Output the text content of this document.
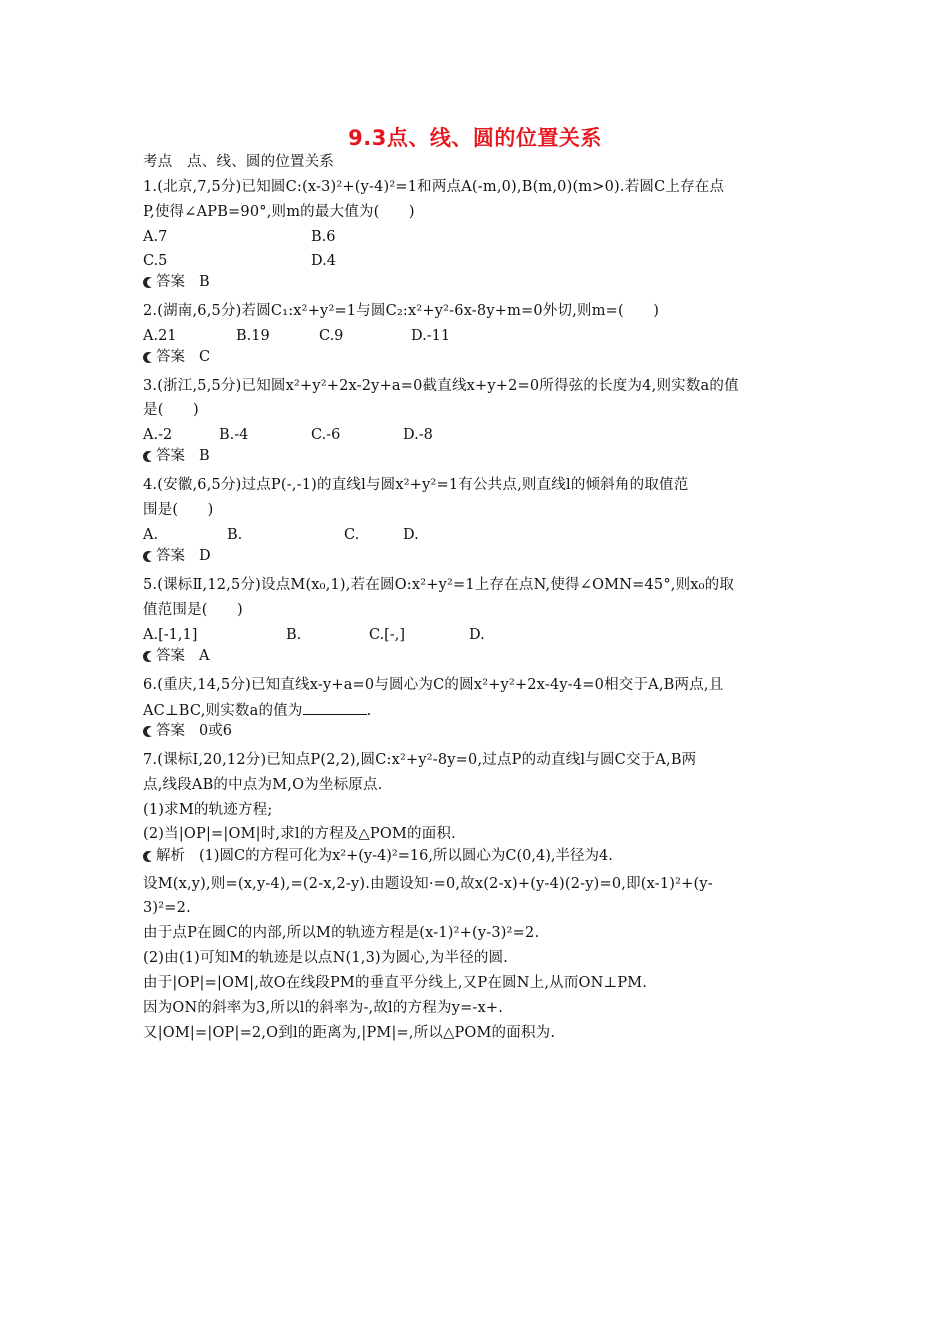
9.3点、线、圆的位置关系
考点　点、线、圆的位置关系
1.(北京,7,5分)已知圆C:(x-3)²+(y-4)²=1和两点A(-m,0),B(m,0)(m>0).若圆C上存在点
P,使得∠APB=90°,则m的最大值为(　　)
A.7	B.6
C.5	D.4
答案 B
2.(湖南,6,5分)若圆C₁:x²+y²=1与圆C₂:x²+y²-6x-8y+m=0外切,则m=(　　)
A.21	B.19	C.9	D.-11
答案 C
3.(浙江,5,5分)已知圆x²+y²+2x-2y+a=0截直线x+y+2=0所得弦的长度为4,则实数a的值
是(　　)
A.-2	B.-4	C.-6	D.-8
答案 B
4.(安徽,6,5分)过点P(-,-1)的直线l与圆x²+y²=1有公共点,则直线l的倾斜角的取值范
围是(　　)
A.	B.	C.	D.
答案 D
5.(课标Ⅱ,12,5分)设点M(x₀,1),若在圆O:x²+y²=1上存在点N,使得∠OMN=45°,则x₀的取
值范围是(　　)
A.[-1,1]	B.	C.[-,]	D.
答案 A
6.(重庆,14,5分)已知直线x-y+a=0与圆心为C的圆x²+y²+2x-4y-4=0相交于A,B两点,且
AC⊥BC,则实数a的值为	.
答案 0或6
7.(课标Ⅰ,20,12分)已知点P(2,2),圆C:x²+y²-8y=0,过点P的动直线l与圆C交于A,B两
点,线段AB的中点为M,O为坐标原点.
(1)求M的轨迹方程;
(2)当|OP|=|OM|时,求l的方程及△POM的面积.
解析 (1)圆C的方程可化为x²+(y-4)²=16,所以圆心为C(0,4),半径为4.
设M(x,y),则=(x,y-4),=(2-x,2-y).由题设知·=0,故x(2-x)+(y-4)(2-y)=0,即(x-1)²+(y-
3)²=2.
由于点P在圆C的内部,所以M的轨迹方程是(x-1)²+(y-3)²=2.
(2)由(1)可知M的轨迹是以点N(1,3)为圆心,为半径的圆.
由于|OP|=|OM|,故O在线段PM的垂直平分线上,又P在圆N上,从而ON⊥PM.
因为ON的斜率为3,所以l的斜率为-,故l的方程为y=-x+.
又|OM|=|OP|=2,O到l的距离为,|PM|=,所以△POM的面积为.
